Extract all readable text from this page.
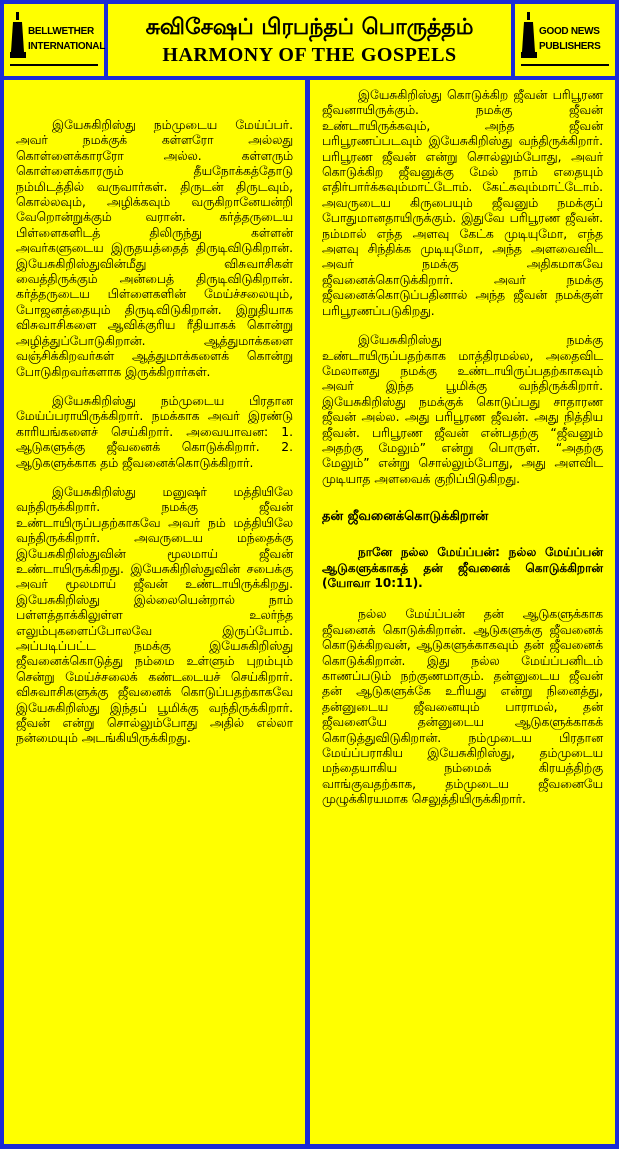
BELLWETHER
INTERNATIONAL
சுவிசேஷப் பிரபந்தப் பொருத்தம்
HARMONY OF THE GOSPELS
GOOD NEWS
PUBLISHERS

இயேசுகிறிஸ்து நம்முடைய மேய்ப்பர். அவர் நமக்குக் கள்ளரோ அல்லது கொள்ளைக்காரரோ அல்ல. கள்ளரும் கொள்ளைக்காரரும் தீயநோக்கத்தோடு நம்மிடத்தில் வருவார்கள். திருடன் திருடவும், கொல்லவும், அழிக்கவும் வருகிறானேயன்றி வேறொன்றுக்கும் வரான். கர்த்தருடைய பிள்ளைகளிடத் திலிருந்து கள்ளன் அவர்களுடைய இருதயத்தைத் திருடிவிடுகிறான். இயேசுகிறிஸ்துவின்மீது விசுவாசிகள் வைத்திருக்கும் அன்பைத் திருடிவிடுகிறான். கர்த்தருடைய பிள்ளைகளின் மேய்ச்சலையும், போஜனத்தையும் திருடிவிடுகிறான். இறுதியாக விசுவாசிகளை ஆவிக்குரிய ரீதியாகக் கொன்று அழித்துப்போடுகிறான். ஆத்துமாக்களை வஞ்சிக்கிறவர்கள் ஆத்துமாக்களைக் கொன்று போடுகிறவர்களாக இருக்கிறார்கள்.

இயேசுகிறிஸ்து நம்முடைய பிரதான மேய்ப்பராயிருக்கிறார். நமக்காக அவர் இரண்டு காரியங்களைச் செய்கிறார். அவையாவன: 1. ஆடுகளுக்கு ஜீவனைக் கொடுக்கிறார். 2. ஆடுகளுக்காக தம் ஜீவனைக்கொடுக்கிறார்.

இயேசுகிறிஸ்து மனுஷர் மத்தியிலே வந்திருக்கிறார். நமக்கு ஜீவன் உண்டாயிருப்பதற்காகவே அவர் நம் மத்தியிலே வந்திருக்கிறார். அவருடைய மந்தைக்கு இயேசுகிறிஸ்துவின் மூலமாய் ஜீவன் உண்டாயிருக்கிறது. இயேசுகிறிஸ்துவின் சபைக்கு அவர் மூலமாய் ஜீவன் உண்டாயிருக்கிறது. இயேசுகிறிஸ்து இல்லையென்றால் நாம் பள்ளத்தாக்கிலுள்ள உலர்ந்த எலும்புகளைப்போலவே இருப்போம். அப்படிப்பட்ட நமக்கு இயேசுகிறிஸ்து ஜீவனைக்கொடுத்து நம்மை உள்ளும் புறம்பும் சென்று மேய்ச்சலைக் கண்டடையச் செய்கிறார். விசுவாசிகளுக்கு ஜீவனைக் கொடுப்பதற்காகவே இயேசுகிறிஸ்து இந்தப் பூமிக்கு வந்திருக்கிறார். ஜீவன் என்று சொல்லும்போது அதில் எல்லா நன்மையும் அடங்கியிருக்கிறது.

இயேசுகிறிஸ்து கொடுக்கிற ஜீவன் பரிபூரண ஜீவனாயிருக்கும். நமக்கு ஜீவன் உண்டாயிருக்கவும், அந்த ஜீவன் பரிபூரணப்படவும் இயேசுகிறிஸ்து வந்திருக்கிறார். பரிபூரண ஜீவன் என்று சொல்லும்போது, அவர் கொடுக்கிற ஜீவனுக்கு மேல் நாம் எதையும் எதிர்பார்க்கவும்மாட்டோம். கேட்கவும்மாட்டோம். அவருடைய கிருபையும் ஜீவனும் நமக்குப் போதுமானதாயிருக்கும். இதுவே பரிபூரண ஜீவன். நம்மால் எந்த அளவு கேட்க முடியுமோ, எந்த அளவு சிந்திக்க முடியுமோ, அந்த அளவைவிட அவர் நமக்கு அதிகமாகவே ஜீவனைக்கொடுக்கிறார். அவர் நமக்கு ஜீவனைக்கொடுப்பதினால் அந்த ஜீவன் நமக்குள் பரிபூரணப்படுகிறது.

இயேசுகிறிஸ்து நமக்கு உண்டாயிருப்பதற்காக மாத்திரமல்ல, அதைவிட மேலானது நமக்கு உண்டாயிருப்பதற்காகவும் அவர் இந்த பூமிக்கு வந்திருக்கிறார். இயேசுகிறிஸ்து நமக்குக் கொடுப்பது சாதாரண ஜீவன் அல்ல. அது பரிபூரண ஜீவன். அது நித்திய ஜீவன். பரிபூரண ஜீவன் என்பதற்கு “ஜீவனும் அதற்கு மேலும்” என்று பொருள். “அதற்கு மேலும்” என்று சொல்லும்போது, அது அளவிட முடியாத அளவைக் குறிப்பிடுகிறது.

தன் ஜீவனைக்கொடுக்கிறான்

நானே நல்ல மேய்ப்பன்: நல்ல மேய்ப்பன் ஆடுகளுக்காகத் தன் ஜீவனைக் கொடுக்கிறான் (யோவா 10:11).

நல்ல மேய்ப்பன் தன் ஆடுகளுக்காக ஜீவனைக் கொடுக்கிறான். ஆடுகளுக்கு ஜீவனைக் கொடுக்கிறவன், ஆடுகளுக்காகவும் தன் ஜீவனைக் கொடுக்கிறான். இது நல்ல மேய்ப்பனிடம் காணப்படும் நற்குணமாகும். தன்னுடைய ஜீவன் தன் ஆடுகளுக்கே உரியது என்று நினைத்து, தன்னுடைய ஜீவனையும் பாராமல், தன் ஜீவனையே தன்னுடைய ஆடுகளுக்காகக் கொடுத்துவிடுகிறான். நம்முடைய பிரதான மேய்ப்பராகிய இயேசுகிறிஸ்து, தம்முடைய மந்தையாகிய நம்மைக் கிரயத்திற்கு வாங்குவதற்காக, தம்முடைய ஜீவனையே முழுக்கிரயமாக செலுத்தியிருக்கிறார்.
